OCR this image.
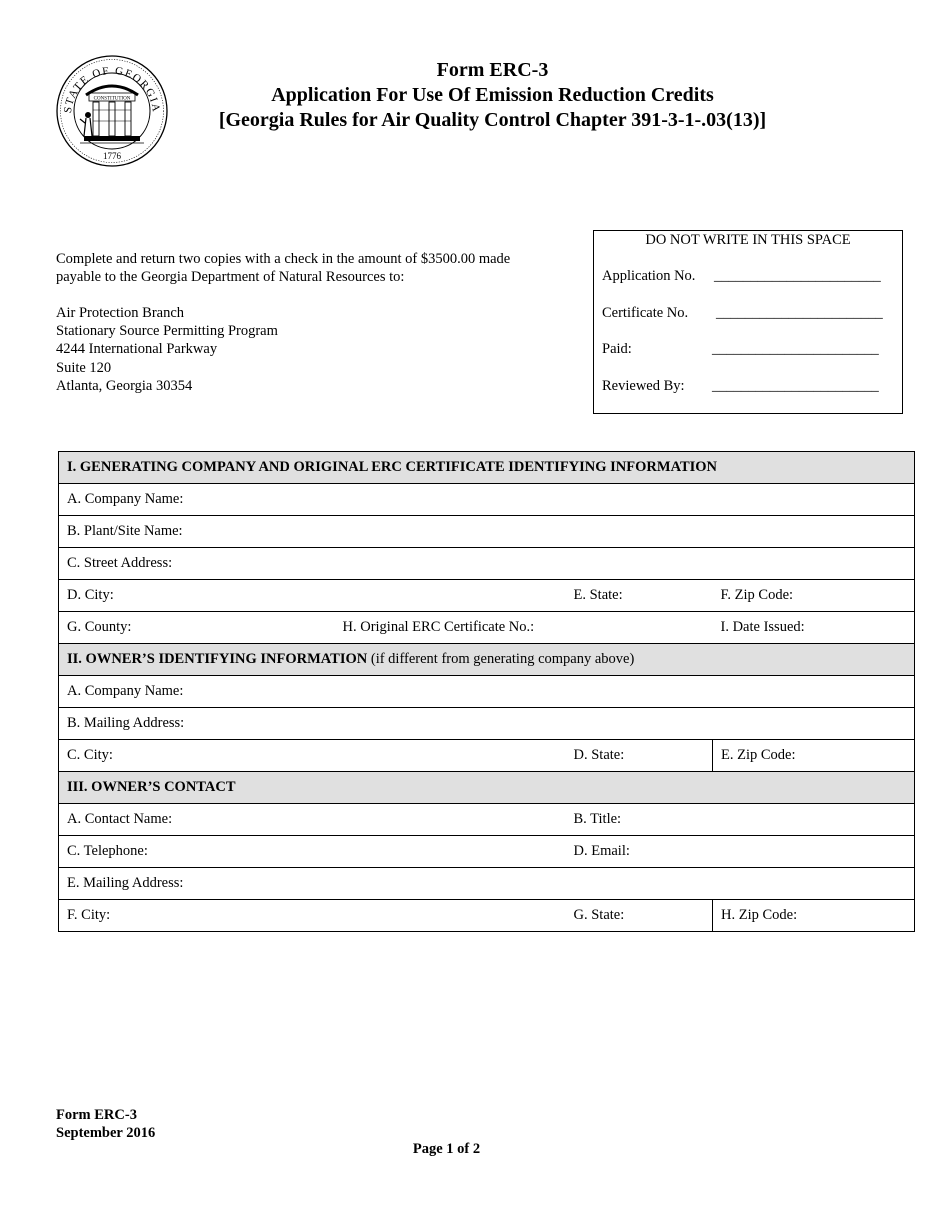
STATE OF GEORGIA
1776
CONSTITUTION
Form ERC-3
Application For Use Of Emission Reduction Credits
[Georgia Rules for Air Quality Control Chapter 391-3-1-.03(13)]

Complete and return two copies with a check in the amount of $3500.00 made

payable to the Georgia Department of Natural Resources to:

Air Protection Branch
Stationary Source Permitting Program
4244 International Parkway
Suite 120
Atlanta, Georgia 30354
DO NOT WRITE IN THIS SPACE
Application No. _______________________
Certificate No. _______________________
Paid:	_______________________
Reviewed By: _______________________
I. GENERATING COMPANY AND ORIGINAL ERC CERTIFICATE IDENTIFYING INFORMATION			
A. Company Name:			
B. Plant/Site Name:			
C. Street Address:			
D. City:		E. State:	F. Zip Code:
G. County:	H. Original ERC Certificate No.:		I. Date Issued:
II. OWNER’S IDENTIFYING INFORMATION (if different from generating company above)			
A. Company Name:			
B. Mailing Address:			
C. City:		D. State:	E. Zip Code:
III. OWNER’S CONTACT			
A. Contact Name:		B. Title:	
C. Telephone:		D. Email:	
E. Mailing Address:			
F. City:		G. State:	H. Zip Code:
Form ERC-3
September 2016
Page 1 of 2
